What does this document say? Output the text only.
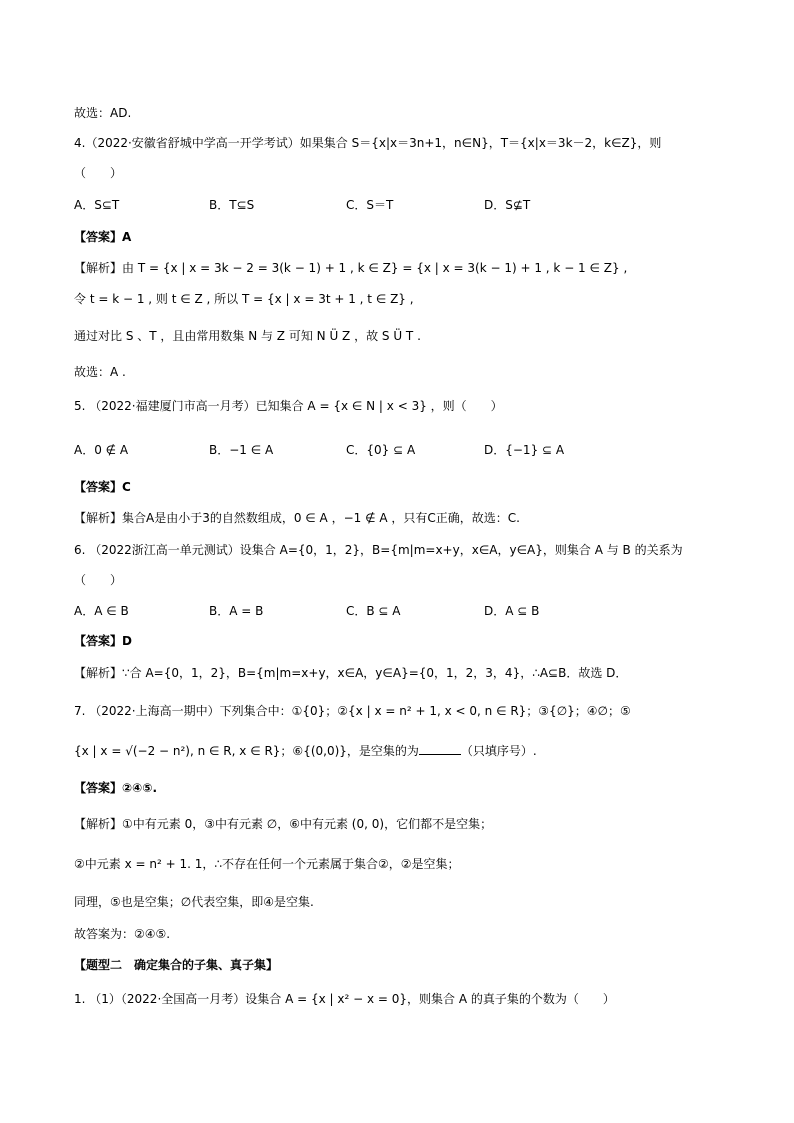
故选：AD.
4.（2022·安徽省舒城中学高一开学考试）如果集合 S＝{x|x＝3n+1，n∈N}，T＝{x|x＝3k－2，k∈Z}，则
（　　）
A．S⊆T	B．T⊆S	C．S＝T	D．S⊈T
【答案】A
【解析】由 T = {x | x = 3k − 2 = 3(k − 1) + 1 , k ∈ Z} = {x | x = 3(k − 1) + 1 , k − 1 ∈ Z} ,
令 t = k − 1 , 则 t ∈ Z , 所以 T = {x | x = 3t + 1 , t ∈ Z} ,
通过对比 S 、T ，且由常用数集 N 与 Z 可知 N Ü Z ，故 S Ü T .
故选：A .
5. （2022·福建厦门市高一月考）已知集合 A = {x ∈ N | x < 3} ，则（　　）
A．0 ∉ A	B．−1 ∈ A	C．{0} ⊆ A	D．{−1} ⊆ A
【答案】C
【解析】集合A是由小于3的自然数组成，0 ∈ A ，−1 ∉ A ，只有C正确，故选：C.
6. （2022浙江高一单元测试）设集合 A={0，1，2}，B={m|m=x+y，x∈A，y∈A}，则集合 A 与 B 的关系为
（　　）
A．A ∈ B	B．A = B	C．B ⊆ A	D．A ⊆ B
【答案】D
【解析】∵合 A={0，1，2}，B={m|m=x+y，x∈A，y∈A}={0，1，2，3，4}，∴A⊆B．故选 D．
7. （2022·上海高一期中）下列集合中：①{0}；②{x | x = n² + 1, x < 0, n ∈ R}；③{∅}；④∅；⑤
{x | x = √(−2 − n²), n ∈ R, x ∈ R}；⑥{(0,0)}，是空集的为	（只填序号）.
【答案】②④⑤.
【解析】①中有元素 0，③中有元素 ∅，⑥中有元素 (0, 0)，它们都不是空集；
②中元素 x = n² + 1. 1，∴不存在任何一个元素属于集合②，②是空集；
同理，⑤也是空集；∅代表空集，即④是空集.
故答案为：②④⑤.
【题型二　确定集合的子集、真子集】
1. （1）（2022·全国高一月考）设集合 A = {x | x² − x = 0}，则集合 A 的真子集的个数为（　　）
